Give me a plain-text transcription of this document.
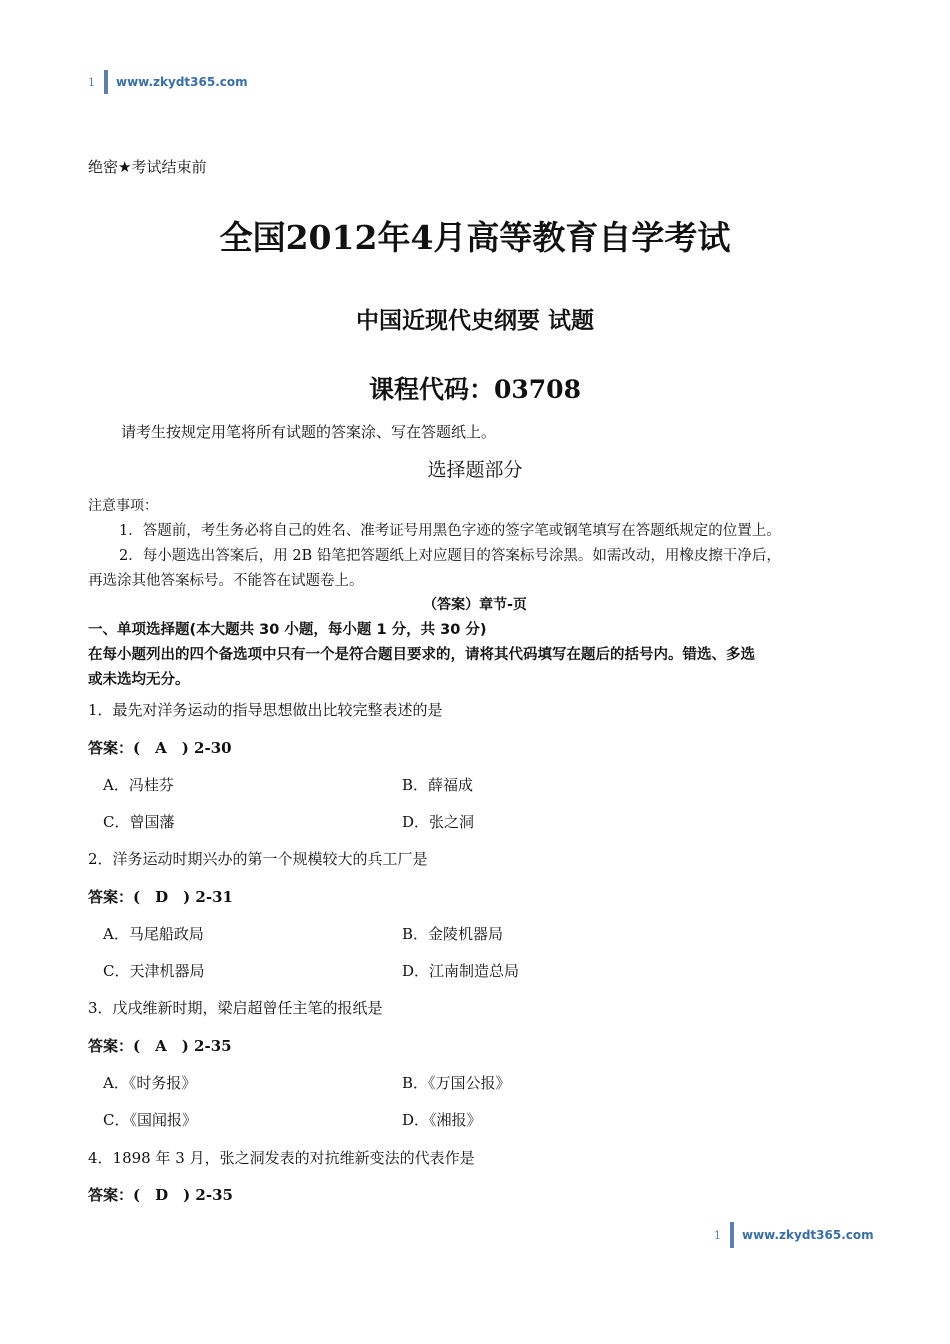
1 www.zkydt365.com
绝密★考试结束前
全国2012年4月高等教育自学考试
中国近现代史纲要 试题
课程代码：03708
请考生按规定用笔将所有试题的答案涂、写在答题纸上。
选择题部分
注意事项：
1．答题前，考生务必将自己的姓名、准考证号用黑色字迹的签字笔或钢笔填写在答题纸规定的位置上。
2．每小题选出答案后，用 2B 铅笔把答题纸上对应题目的答案标号涂黑。如需改动，用橡皮擦干净后，
再选涂其他答案标号。不能答在试题卷上。
（答案）章节-页
一、单项选择题(本大题共 30 小题，每小题 1 分，共 30 分)
在每小题列出的四个备选项中只有一个是符合题目要求的，请将其代码填写在题后的括号内。错选、多选
或未选均无分。
1．最先对洋务运动的指导思想做出比较完整表述的是
答案：(　A　) 2-30
A．冯桂芬	B．薛福成
C．曾国藩	D．张之洞
2．洋务运动时期兴办的第一个规模较大的兵工厂是
答案：(　D　) 2-31
A．马尾船政局	B．金陵机器局
C．天津机器局	D．江南制造总局
3．戊戌维新时期，梁启超曾任主笔的报纸是
答案：(　A　) 2-35
A．《时务报》	B．《万国公报》
C．《国闻报》	D．《湘报》
4．1898 年 3 月，张之洞发表的对抗维新变法的代表作是
答案：(　D　) 2-35
1 www.zkydt365.com
